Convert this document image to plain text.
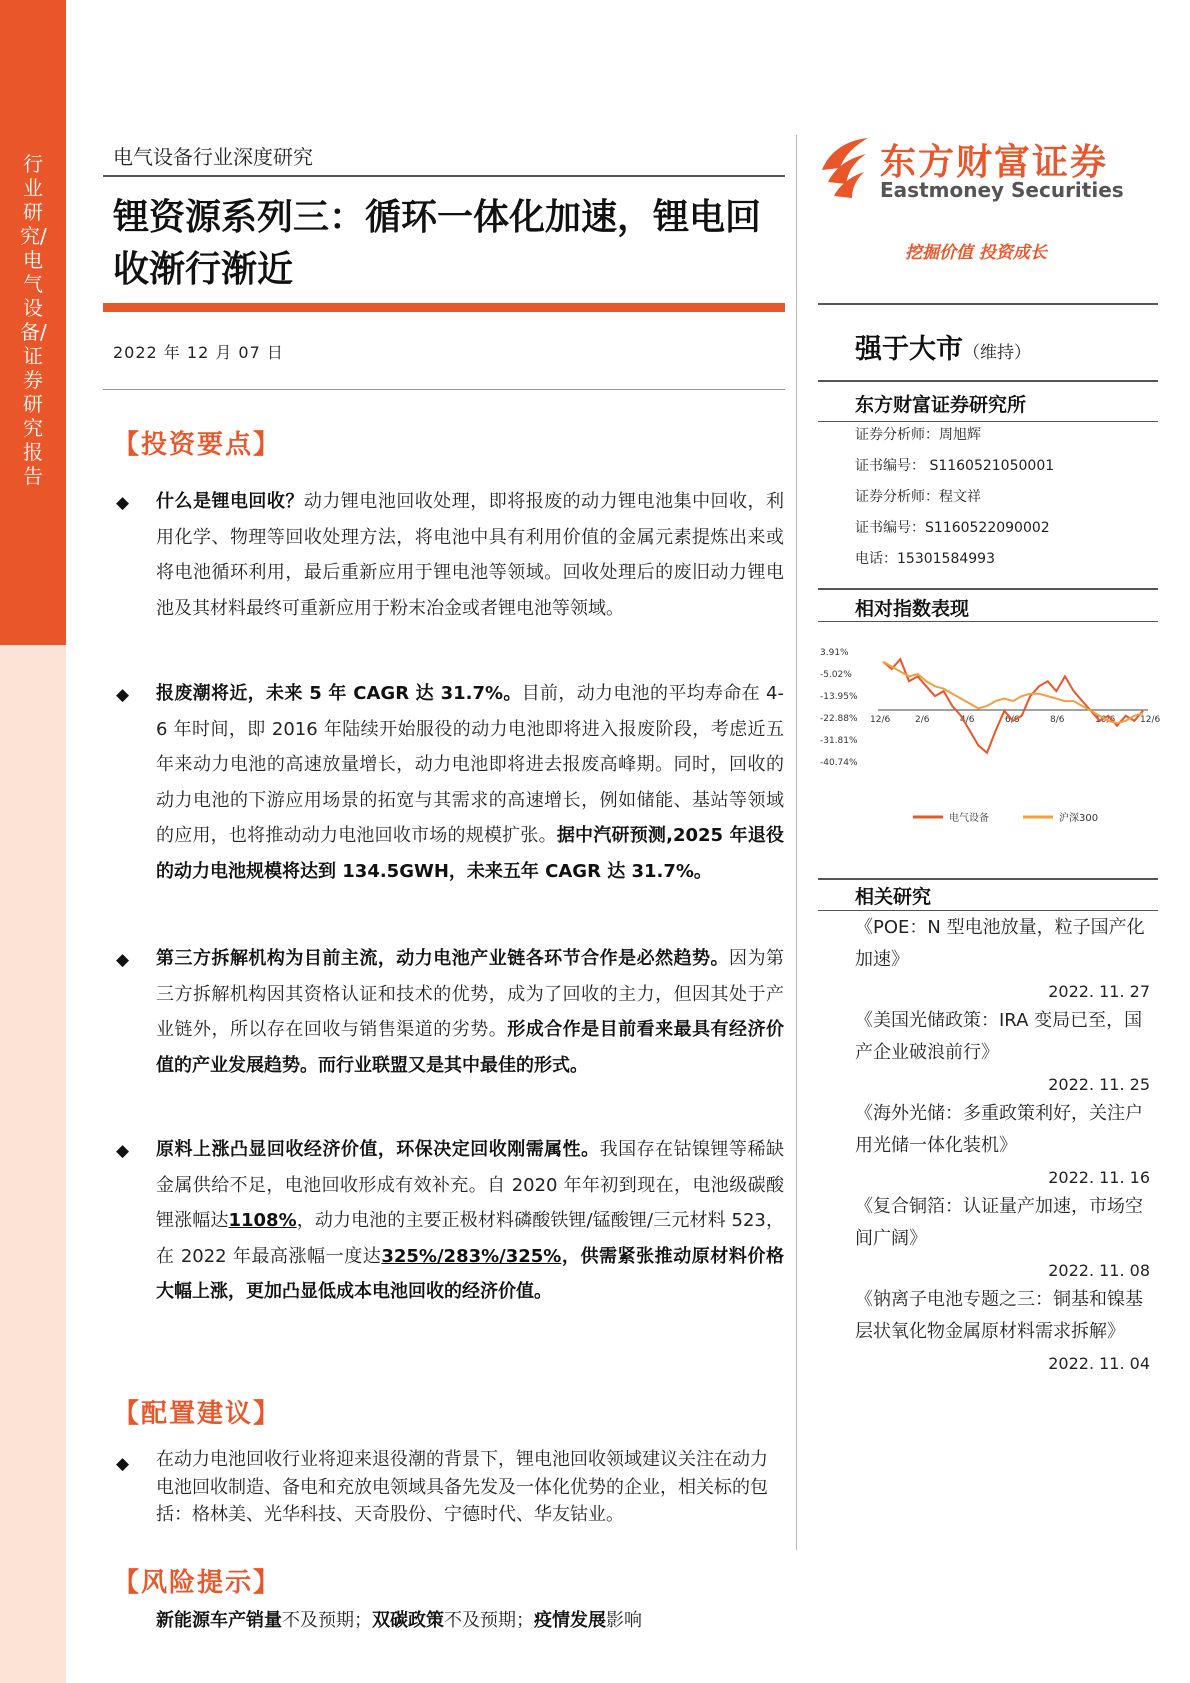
行业研究/电气设备/证券研究报告
电气设备行业深度研究
锂资源系列三：循环一体化加速，锂电回收渐行渐近
2022 年 12 月 07 日
【投资要点】
◆ 什么是锂电回收？动力锂电池回收处理，即将报废的动力锂电池集中回收，利用化学、物理等回收处理方法，将电池中具有利用价值的金属元素提炼出来或将电池循环利用，最后重新应用于锂电池等领域。回收处理后的废旧动力锂电池及其材料最终可重新应用于粉末冶金或者锂电池等领域。
◆ 报废潮将近，未来 5 年 CAGR 达 31.7%。目前，动力电池的平均寿命在 4-6 年时间，即 2016 年陆续开始服役的动力电池即将进入报废阶段，考虑近五年来动力电池的高速放量增长，动力电池即将进去报废高峰期。同时，回收的动力电池的下游应用场景的拓宽与其需求的高速增长，例如储能、基站等领域的应用，也将推动动力电池回收市场的规模扩张。据中汽研预测,2025 年退役的动力电池规模将达到 134.5GWH，未来五年 CAGR 达 31.7%。
◆ 第三方拆解机构为目前主流，动力电池产业链各环节合作是必然趋势。因为第三方拆解机构因其资格认证和技术的优势，成为了回收的主力，但因其处于产业链外，所以存在回收与销售渠道的劣势。形成合作是目前看来最具有经济价值的产业发展趋势。而行业联盟又是其中最佳的形式。
◆ 原料上涨凸显回收经济价值，环保决定回收刚需属性。我国存在钴镍锂等稀缺金属供给不足，电池回收形成有效补充。自 2020 年年初到现在，电池级碳酸锂涨幅达1108%，动力电池的主要正极材料磷酸铁锂/锰酸锂/三元材料 523，在 2022 年最高涨幅一度达325%/283%/325%，供需紧张推动原材料价格大幅上涨，更加凸显低成本电池回收的经济价值。
【配置建议】
◆ 在动力电池回收行业将迎来退役潮的背景下，锂电池回收领域建议关注在动力电池回收制造、备电和充放电领域具备先发及一体化优势的企业，相关标的包括：格林美、光华科技、天奇股份、宁德时代、华友钴业。
【风险提示】
新能源车产销量不及预期；双碳政策不及预期；疫情发展影响
东方财富证券
Eastmoney Securities
挖掘价值 投资成长
强于大市（维持）
东方财富证券研究所
证券分析师：周旭辉
证书编号： S1160521050001
证券分析师：程文祥
证书编号：S1160522090002
电话：15301584993
相对指数表现
3.91%
-5.02%
-13.95%
-22.88%
-31.81%
-40.74%
12/6	2/6	4/6	6/6	8/6	10/6	12/6
电气设备	沪深300
相关研究
《POE：N 型电池放量，粒子国产化加速》
2022. 11. 27
《美国光储政策：IRA 变局已至，国产企业破浪前行》
2022. 11. 25
《海外光储：多重政策利好，关注户用光储一体化装机》
2022. 11. 16
《复合铜箔：认证量产加速，市场空间广阔》
2022. 11. 08
《钠离子电池专题之三：铜基和镍基层状氧化物金属原材料需求拆解》
2022. 11. 04
